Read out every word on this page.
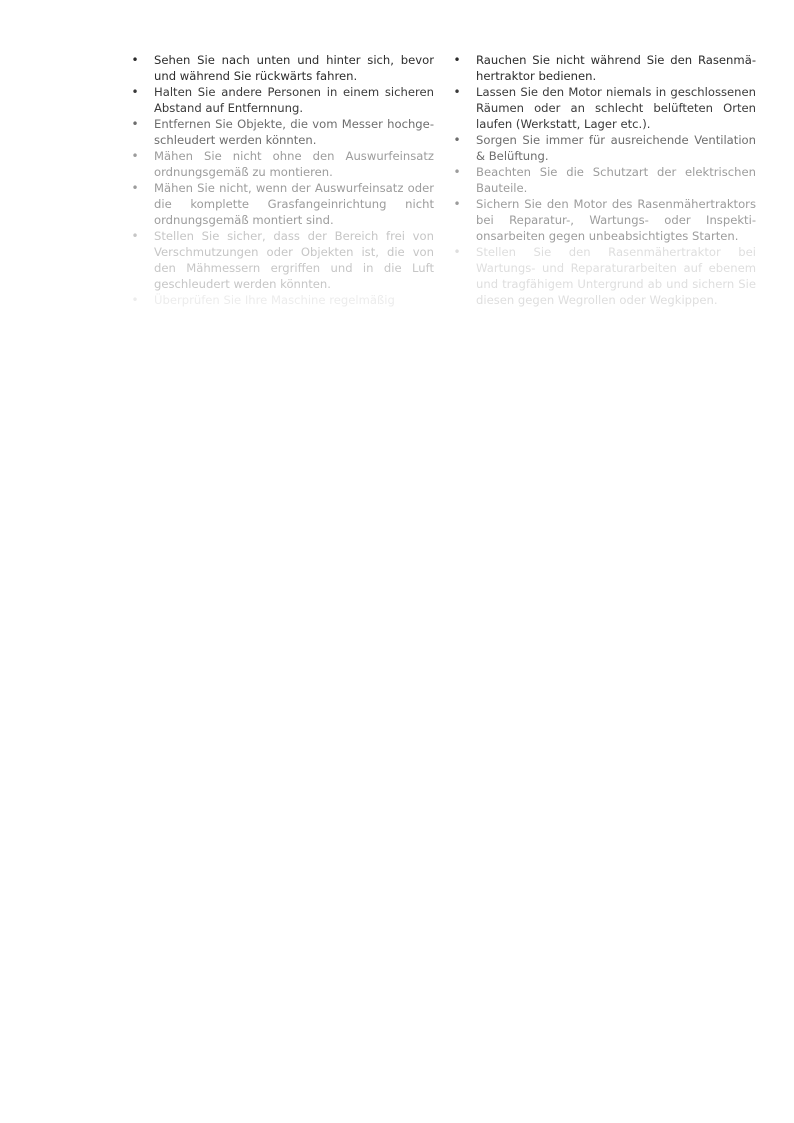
• Sehen Sie nach unten und hinter sich, bevor und während Sie rückwärts fahren.
• Halten Sie andere Personen in einem sicheren Abstand auf Entfernnung.
• Entfernen Sie Objekte, die vom Messer hochgeschleudert werden könnten.
• Mähen Sie nicht ohne den Auswurfeinsatz ordnungsgemäß zu montieren.
• Mähen Sie nicht, wenn der Auswurfeinsatz oder die komplette Grasfangeinrichtung nicht ordnungsgemäß montiert sind.
• Stellen Sie sicher, dass der Bereich frei von Verschmutzungen oder Objekten ist, die von den Mähmessern ergriffen und in die Luft geschleudert werden könnten.
• Überprüfen Sie Ihre Maschine regelmäßig
• Rauchen Sie nicht während Sie den Rasenmähertraktor bedienen.
• Lassen Sie den Motor niemals in geschlossenen Räumen oder an schlecht belüfteten Orten laufen (Werkstatt, Lager etc.).
• Sorgen Sie immer für ausreichende Ventilation & Belüftung.
• Beachten Sie die Schutzart der elektrischen Bauteile.
• Sichern Sie den Motor des Rasenmähertraktors bei Reparatur-, Wartungs- oder Inspektionsarbeiten gegen unbeabsichtigtes Starten.
• Stellen Sie den Rasenmähertraktor bei Wartungs- und Reparaturarbeiten auf ebenem und tragfähigem Untergrund ab und sichern Sie diesen gegen Wegrollen oder Wegkippen.
